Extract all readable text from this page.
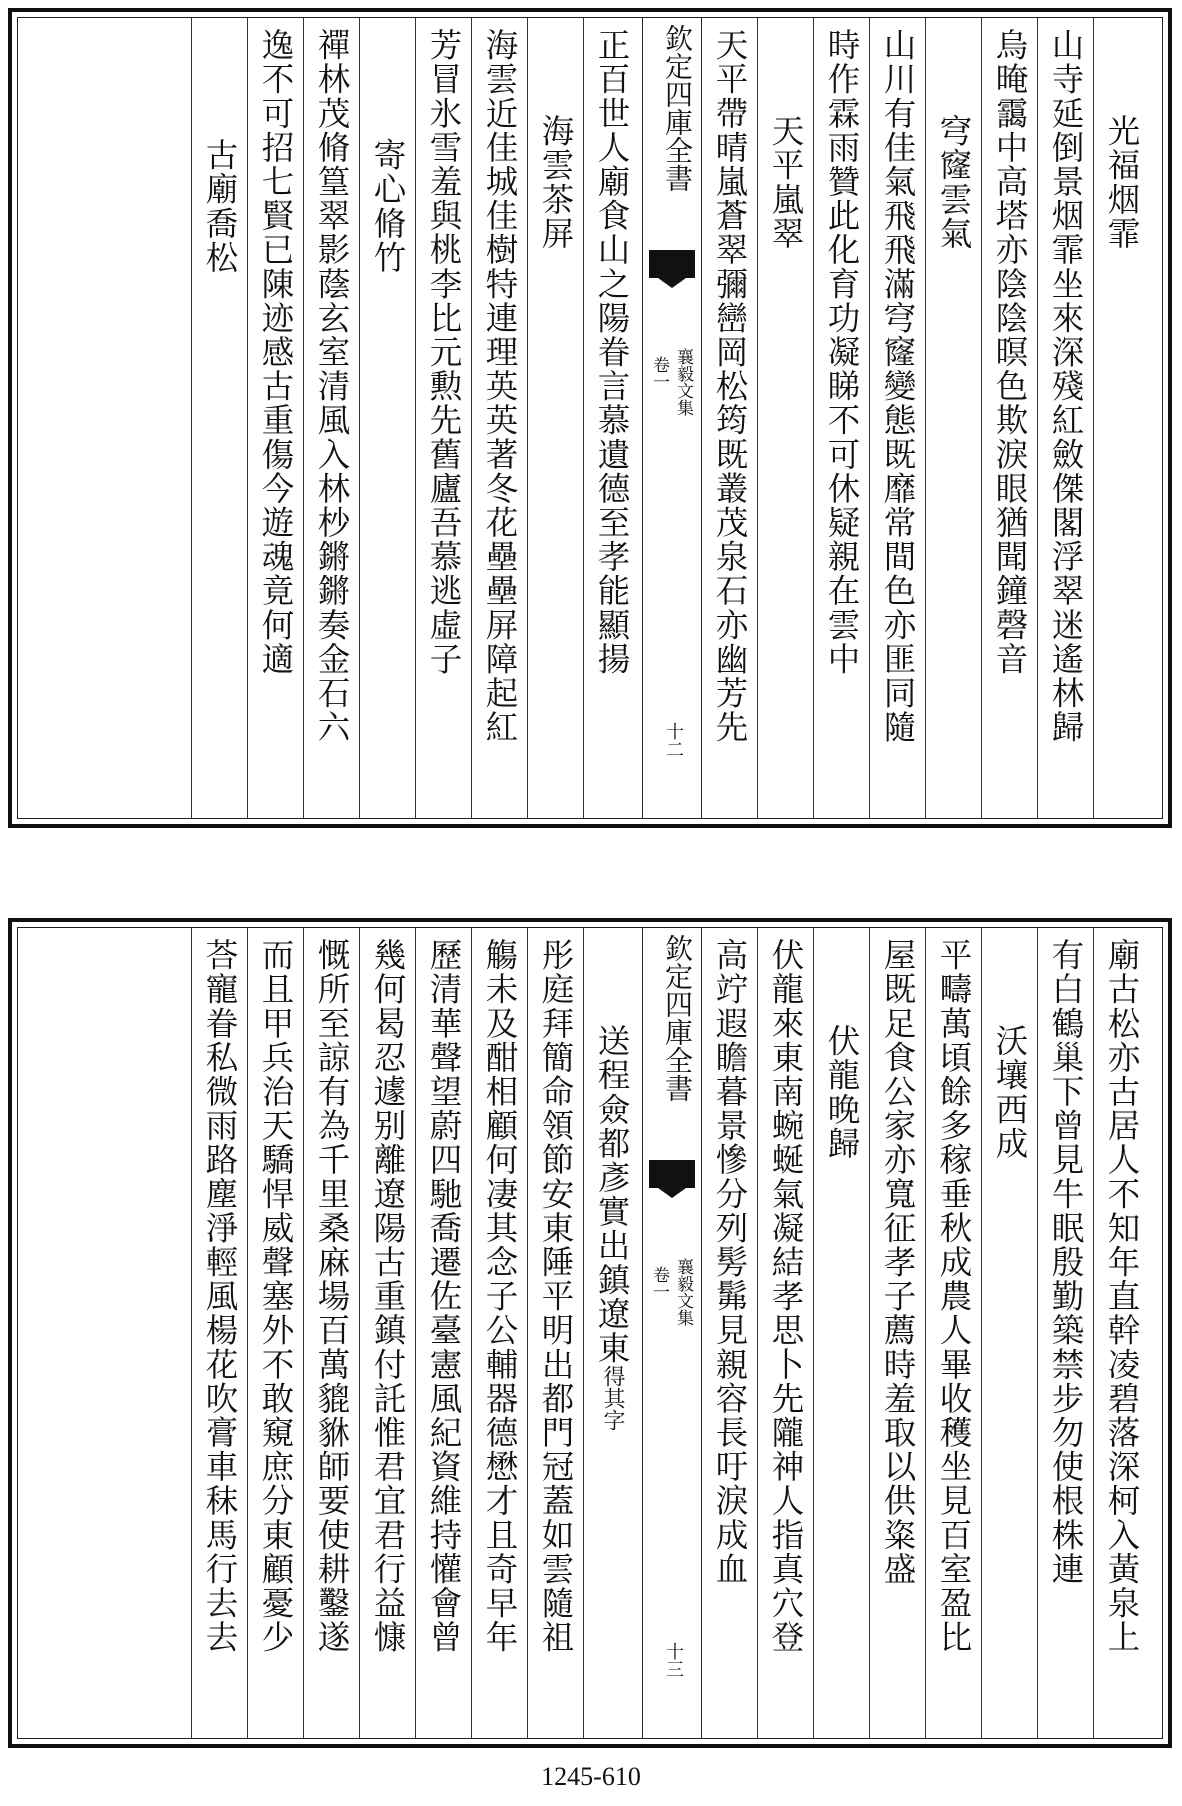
光福烟霏
山寺延倒景烟霏坐來深殘紅斂傑閣浮翠迷遙林歸
烏晻靄中高塔亦陰陰暝色欺淚眼猶聞鐘磬音
穹窿雲氣
山川有佳氣飛飛滿穹窿變態既靡常間色亦匪同隨
時作霖雨贊此化育功凝睇不可休疑親在雲中
天平嵐翠
天平帶晴嵐蒼翠彌巒岡松筠既叢茂泉石亦幽芳先
欽定四庫全書
襄毅文集
卷一
十二
正百世人廟食山之陽眷言慕遺德至孝能顯揚
海雲茶屏
海雲近佳城佳樹特連理英英著冬花壘壘屏障起紅
芳冒氷雪羞與桃李比元勲先舊廬吾慕逃虛子
寄心脩竹
禪林茂脩篁翠影蔭玄室清風入林杪鏘鏘奏金石六
逸不可招七賢已陳迹感古重傷今遊魂竟何適
古廟喬松
廟古松亦古居人不知年直幹凌碧落深柯入黃泉上
有白鶴巢下曾見牛眠殷勤築禁步勿使根株連
沃壤西成
平疇萬頃餘多稼垂秋成農人畢收穫坐見百室盈比
屋既足食公家亦寬征孝子薦時羞取以供粢盛
伏龍晚歸
伏龍來東南蜿蜒氣凝結孝思卜先隴神人指真穴登
高竚遐瞻暮景慘分列髣髴見親容長吁淚成血
欽定四庫全書
襄毅文集
卷一
十三
送程僉都彥實出鎮遼東得其字
彤庭拜簡命領節安東陲平明出都門冠蓋如雲隨祖
觴未及酣相顧何凄其念子公輔器德懋才且奇早年
歷清華聲望蔚四馳喬遷佐臺憲風紀資維持懽會曾
幾何曷忍遽别離遼陽古重鎮付託惟君宜君行益慷
慨所至諒有為千里桑麻場百萬貔貅師要使耕鑿遂
而且甲兵治天驕悍威聲塞外不敢窺庶分東顧憂少
荅寵眷私微雨路塵淨輕風楊花吹膏車秣馬行去去
1245-610
